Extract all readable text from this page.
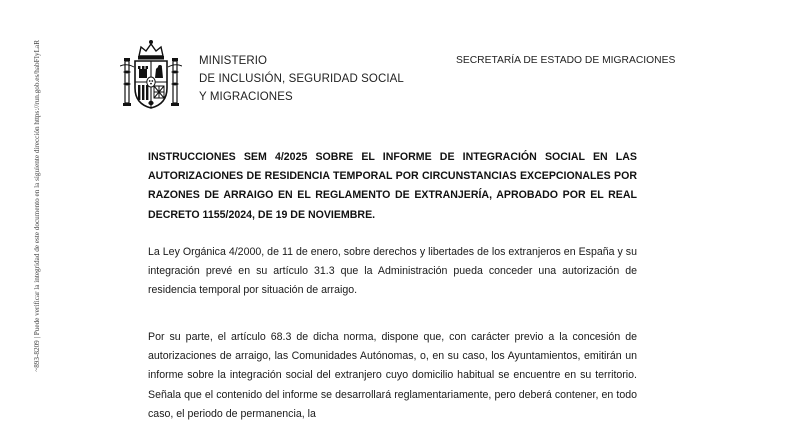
~893-8209 | Puede verificar la integridad de este documento en la siguiente dirección https://run.gob.es/habFIyLaR	MINISTERIO
DE INCLUSIÓN, SEGURIDAD SOCIAL
Y MIGRACIONES
SECRETARÍA DE ESTADO DE MIGRACIONES
INSTRUCCIONES SEM 4/2025 SOBRE EL INFORME DE INTEGRACIÓN SOCIAL EN LAS AUTORIZACIONES DE RESIDENCIA TEMPORAL POR CIRCUNSTANCIAS EXCEPCIONALES POR RAZONES DE ARRAIGO EN EL REGLAMENTO DE EXTRANJERÍA, APROBADO POR EL REAL DECRETO 1155/2024, DE 19 DE NOVIEMBRE.
La Ley Orgánica 4/2000, de 11 de enero, sobre derechos y libertades de los extranjeros en España y su integración prevé en su artículo 31.3 que la Administración pueda conceder una autorización de residencia temporal por situación de arraigo.
Por su parte, el artículo 68.3 de dicha norma, dispone que, con carácter previo a la concesión de autorizaciones de arraigo, las Comunidades Autónomas, o, en su caso, los Ayuntamientos, emitirán un informe sobre la integración social del extranjero cuyo domicilio habitual se encuentre en su territorio. Señala que el contenido del informe se desarrollará reglamentariamente, pero deberá contener, en todo caso, el periodo de permanencia, la
